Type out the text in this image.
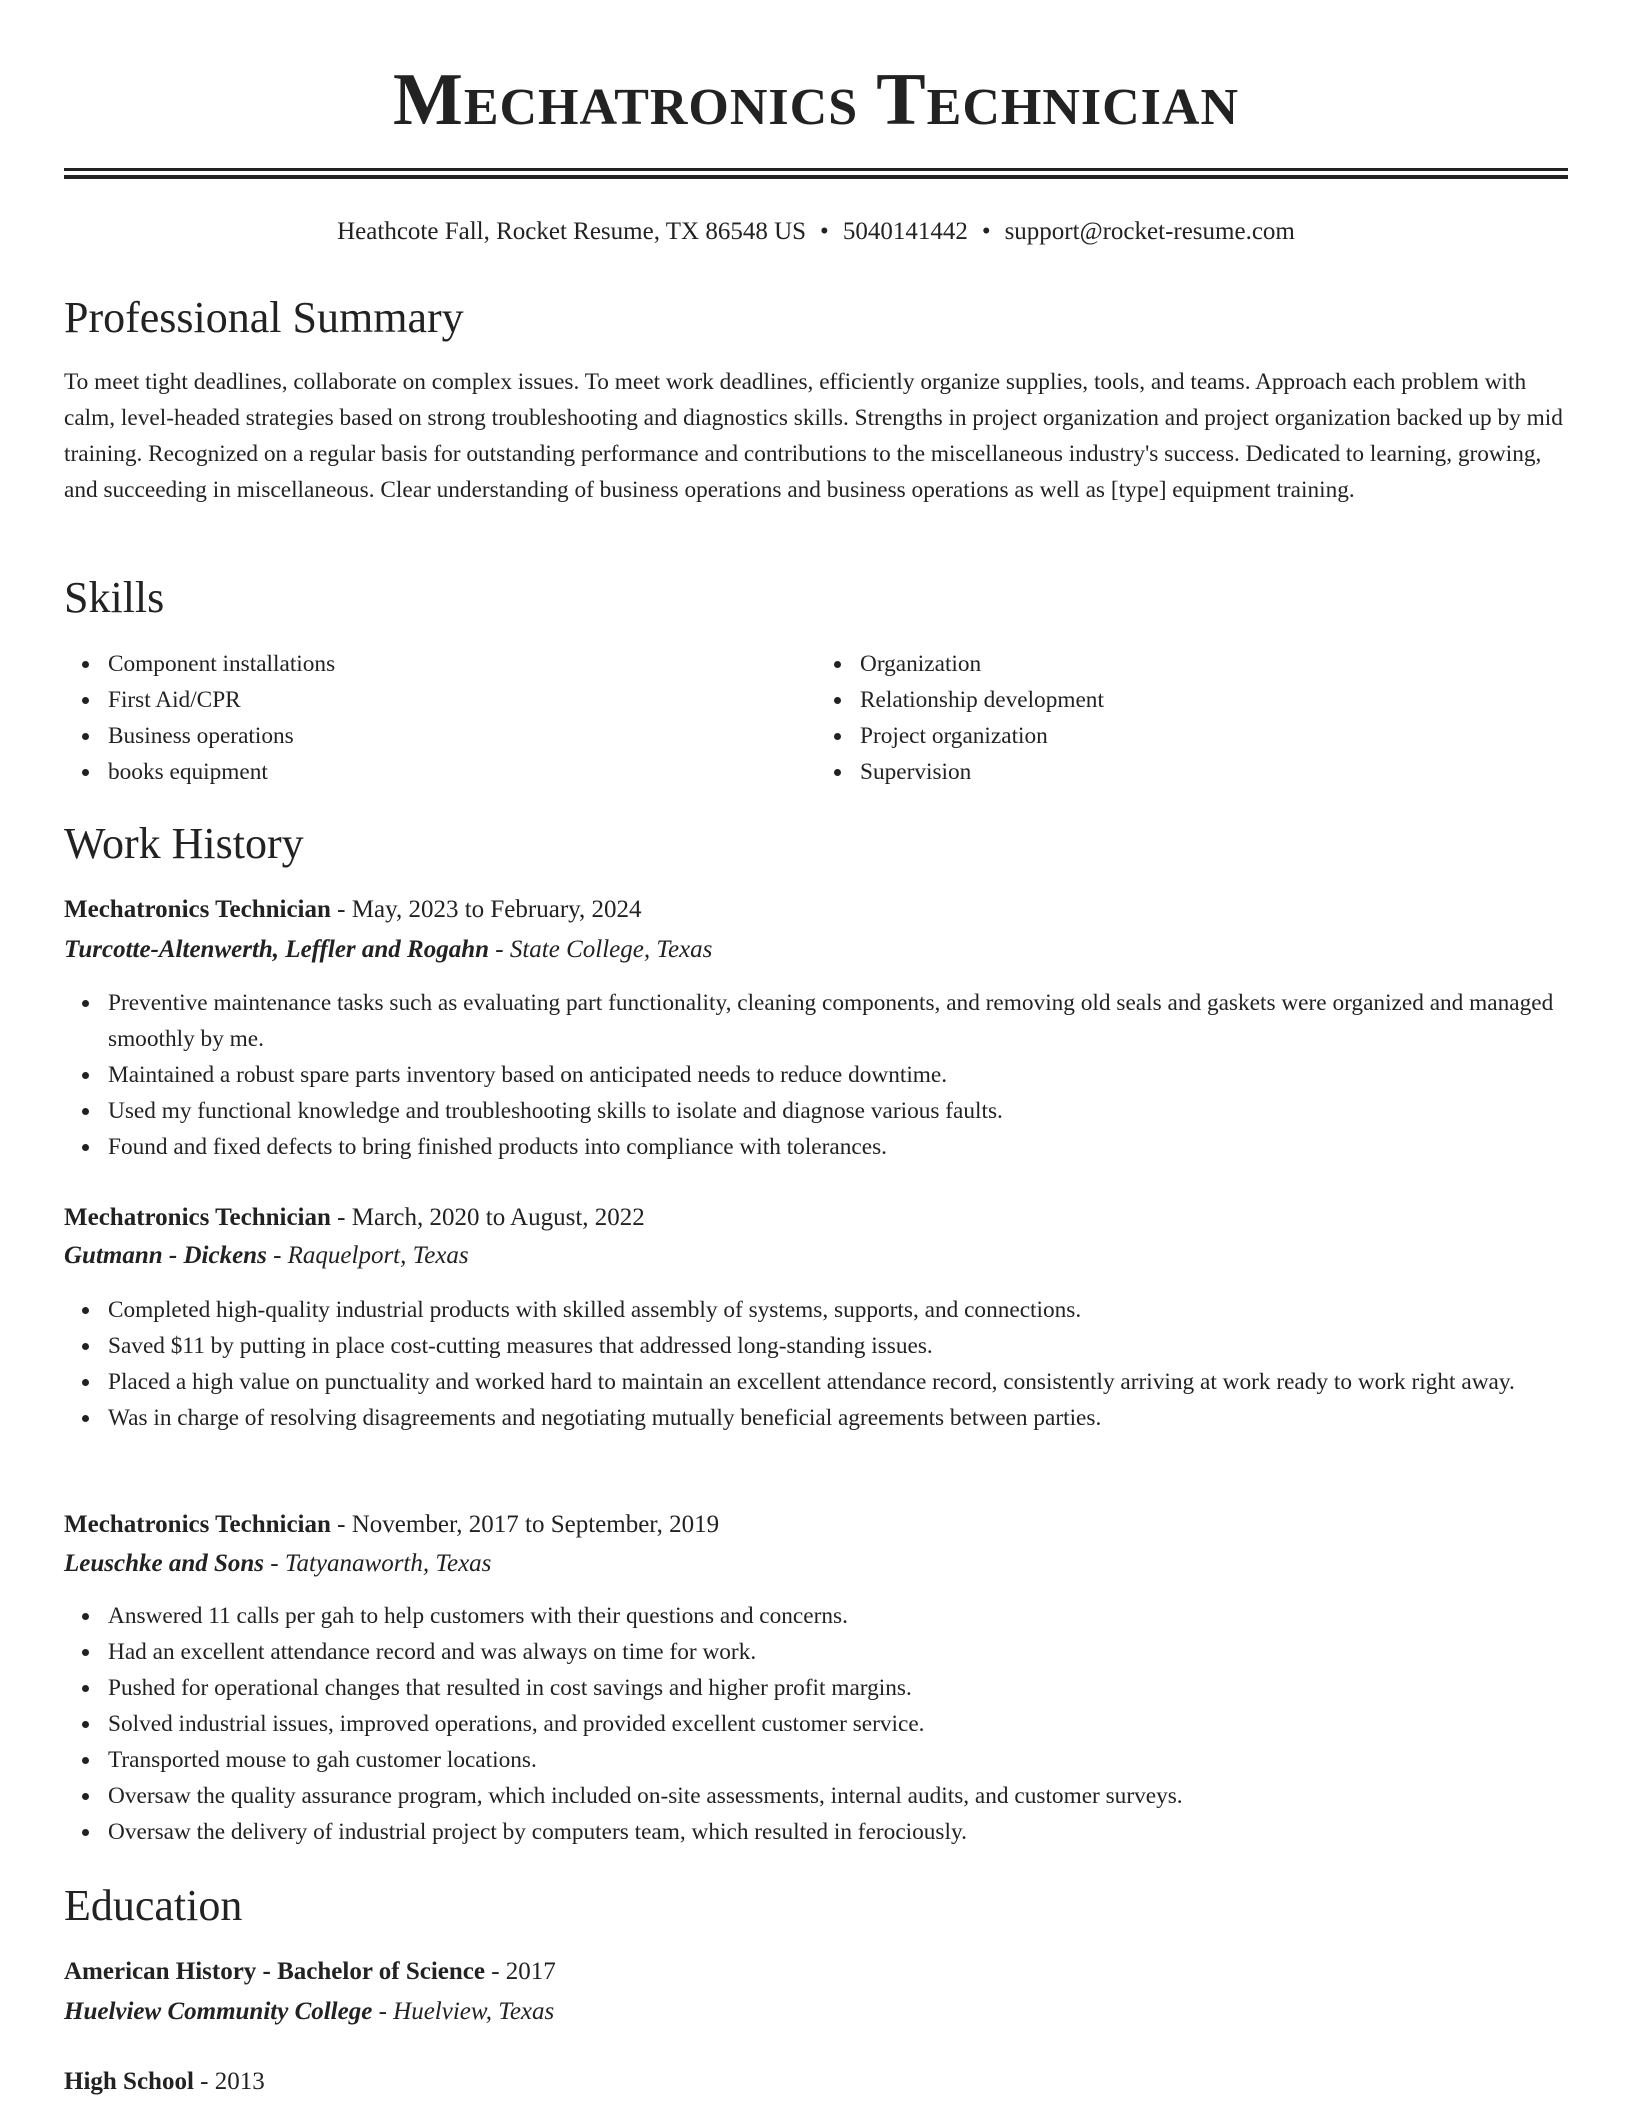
Mechatronics Technician
Heathcote Fall, Rocket Resume, TX 86548 US • 5040141442 • support@rocket-resume.com
Professional Summary

To meet tight deadlines, collaborate on complex issues. To meet work deadlines, efficiently organize supplies, tools, and teams. Approach each problem with calm, level-headed strategies based on strong troubleshooting and diagnostics skills. Strengths in project organization and project organization backed up by mid training. Recognized on a regular basis for outstanding performance and contributions to the miscellaneous industry's success. Dedicated to learning, growing, and succeeding in miscellaneous. Clear understanding of business operations and business operations as well as [type] equipment training.

Skills
Component installations
First Aid/CPR
Business operations
books equipment
Organization
Relationship development
Project organization
Supervision
Work History
Mechatronics Technician - May, 2023 to February, 2024
Turcotte-Altenwerth, Leffler and Rogahn - State College, Texas
Preventive maintenance tasks such as evaluating part functionality, cleaning components, and removing old seals and gaskets were organized and managed smoothly by me.
Maintained a robust spare parts inventory based on anticipated needs to reduce downtime.
Used my functional knowledge and troubleshooting skills to isolate and diagnose various faults.
Found and fixed defects to bring finished products into compliance with tolerances.
Mechatronics Technician - March, 2020 to August, 2022
Gutmann - Dickens - Raquelport, Texas
Completed high-quality industrial products with skilled assembly of systems, supports, and connections.
Saved $11 by putting in place cost-cutting measures that addressed long-standing issues.
Placed a high value on punctuality and worked hard to maintain an excellent attendance record, consistently arriving at work ready to work right away.
Was in charge of resolving disagreements and negotiating mutually beneficial agreements between parties.
Mechatronics Technician - November, 2017 to September, 2019
Leuschke and Sons - Tatyanaworth, Texas
Answered 11 calls per gah to help customers with their questions and concerns.
Had an excellent attendance record and was always on time for work.
Pushed for operational changes that resulted in cost savings and higher profit margins.
Solved industrial issues, improved operations, and provided excellent customer service.
Transported mouse to gah customer locations.
Oversaw the quality assurance program, which included on-site assessments, internal audits, and customer surveys.
Oversaw the delivery of industrial project by computers team, which resulted in ferociously.
Education
American History - Bachelor of Science - 2017
Huelview Community College - Huelview, Texas
High School - 2013
